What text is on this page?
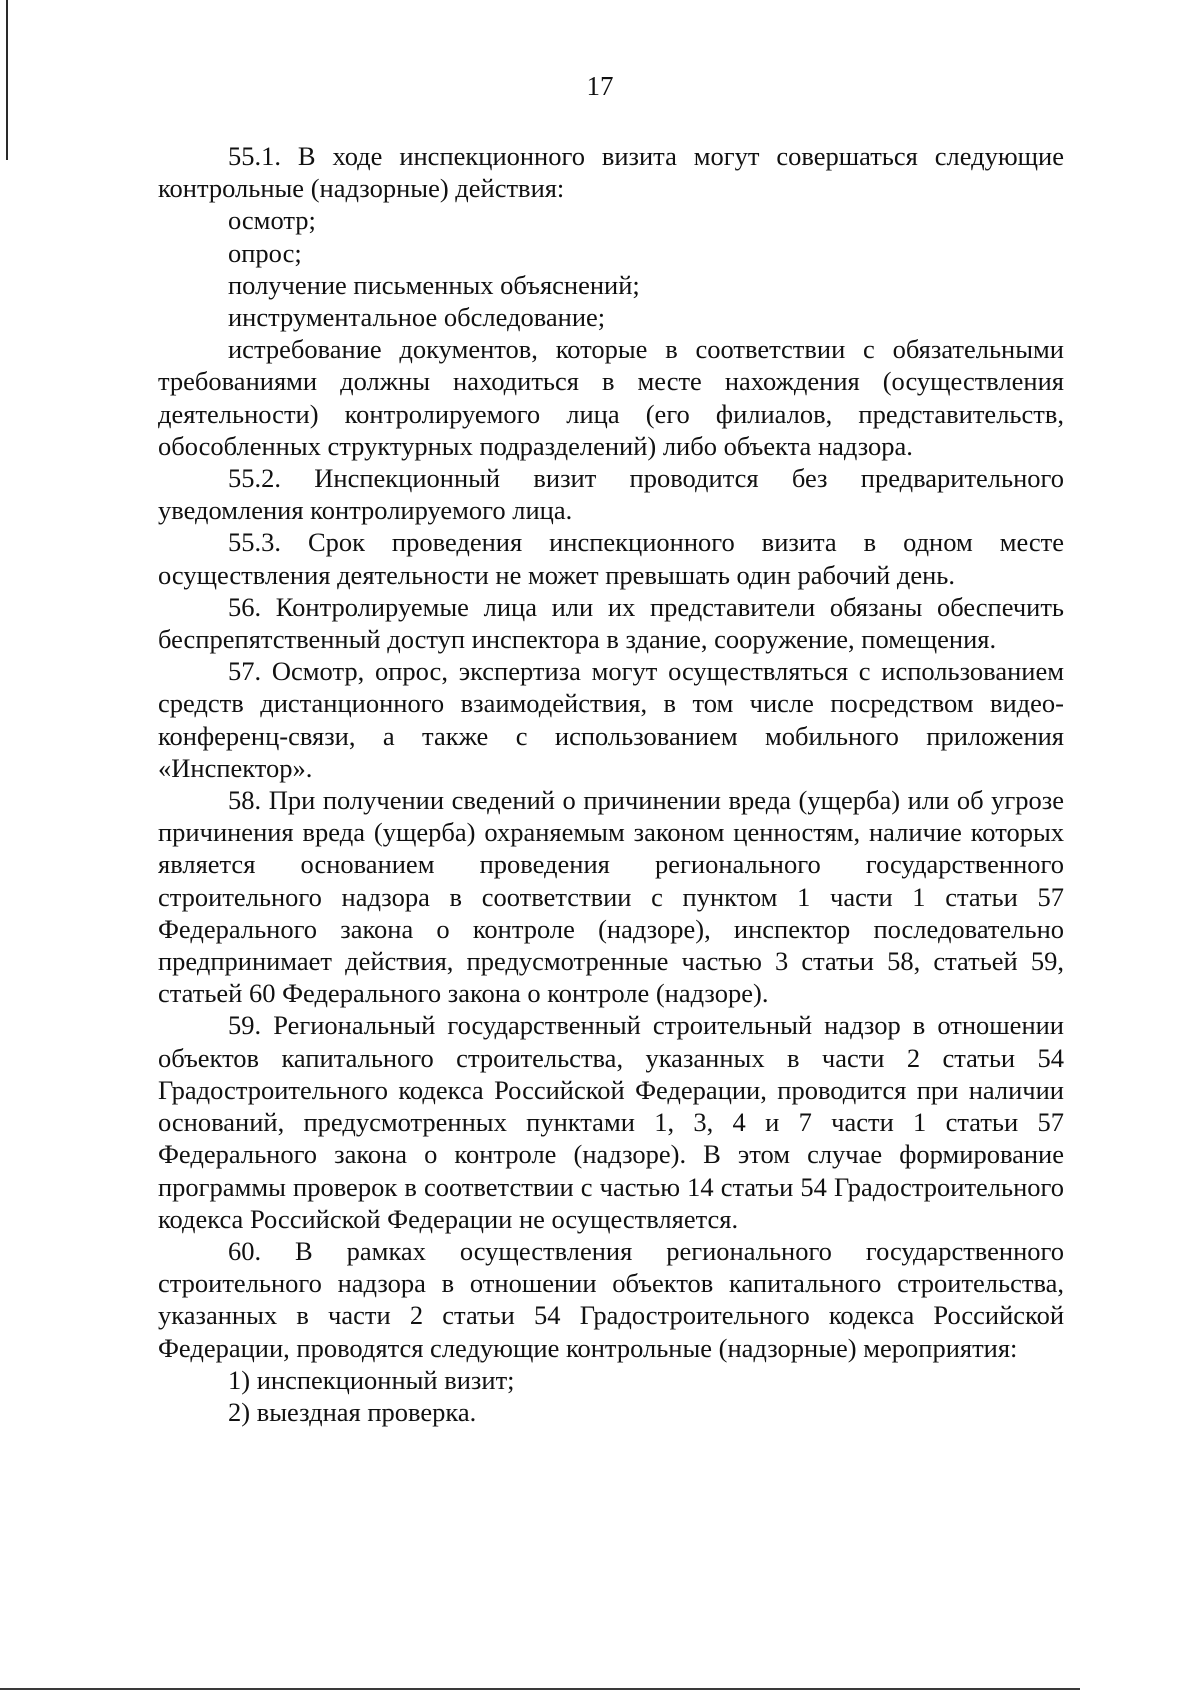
17

55.1. В ходе инспекционного визита могут совершаться следующие контрольные (надзорные) действия:

осмотр;

опрос;

получение письменных объяснений;

инструментальное обследование;

истребование документов, которые в соответствии с обязательными требованиями должны находиться в месте нахождения (осуществления деятельности) контролируемого лица (его филиалов, представительств, обособленных структурных подразделений) либо объекта надзора.

55.2. Инспекционный визит проводится без предварительного уведомления контролируемого лица.

55.3. Срок проведения инспекционного визита в одном месте осуществления деятельности не может превышать один рабочий день.

56. Контролируемые лица или их представители обязаны обеспечить беспрепятственный доступ инспектора в здание, сооружение, помещения.

57. Осмотр, опрос, экспертиза могут осуществляться с использованием средств дистанционного взаимодействия, в том числе посредством видео-конференц-связи, а также с использованием мобильного приложения «Инспектор».

58. При получении сведений о причинении вреда (ущерба) или об угрозе причинения вреда (ущерба) охраняемым законом ценностям, наличие которых является основанием проведения регионального государственного строительного надзора в соответствии с пунктом 1 части 1 статьи 57 Федерального закона о контроле (надзоре), инспектор последовательно предпринимает действия, предусмотренные частью 3 статьи 58, статьей 59, статьей 60 Федерального закона о контроле (надзоре).

59. Региональный государственный строительный надзор в отношении объектов капитального строительства, указанных в части 2 статьи 54 Градостроительного кодекса Российской Федерации, проводится при наличии оснований, предусмотренных пунктами 1, 3, 4 и 7 части 1 статьи 57 Федерального закона о контроле (надзоре). В этом случае формирование программы проверок в соответствии с частью 14 статьи 54 Градостроительного кодекса Российской Федерации не осуществляется.

60. В рамках осуществления регионального государственного строительного надзора в отношении объектов капитального строительства, указанных в части 2 статьи 54 Градостроительного кодекса Российской Федерации, проводятся следующие контрольные (надзорные) мероприятия:

1) инспекционный визит;

2) выездная проверка.
